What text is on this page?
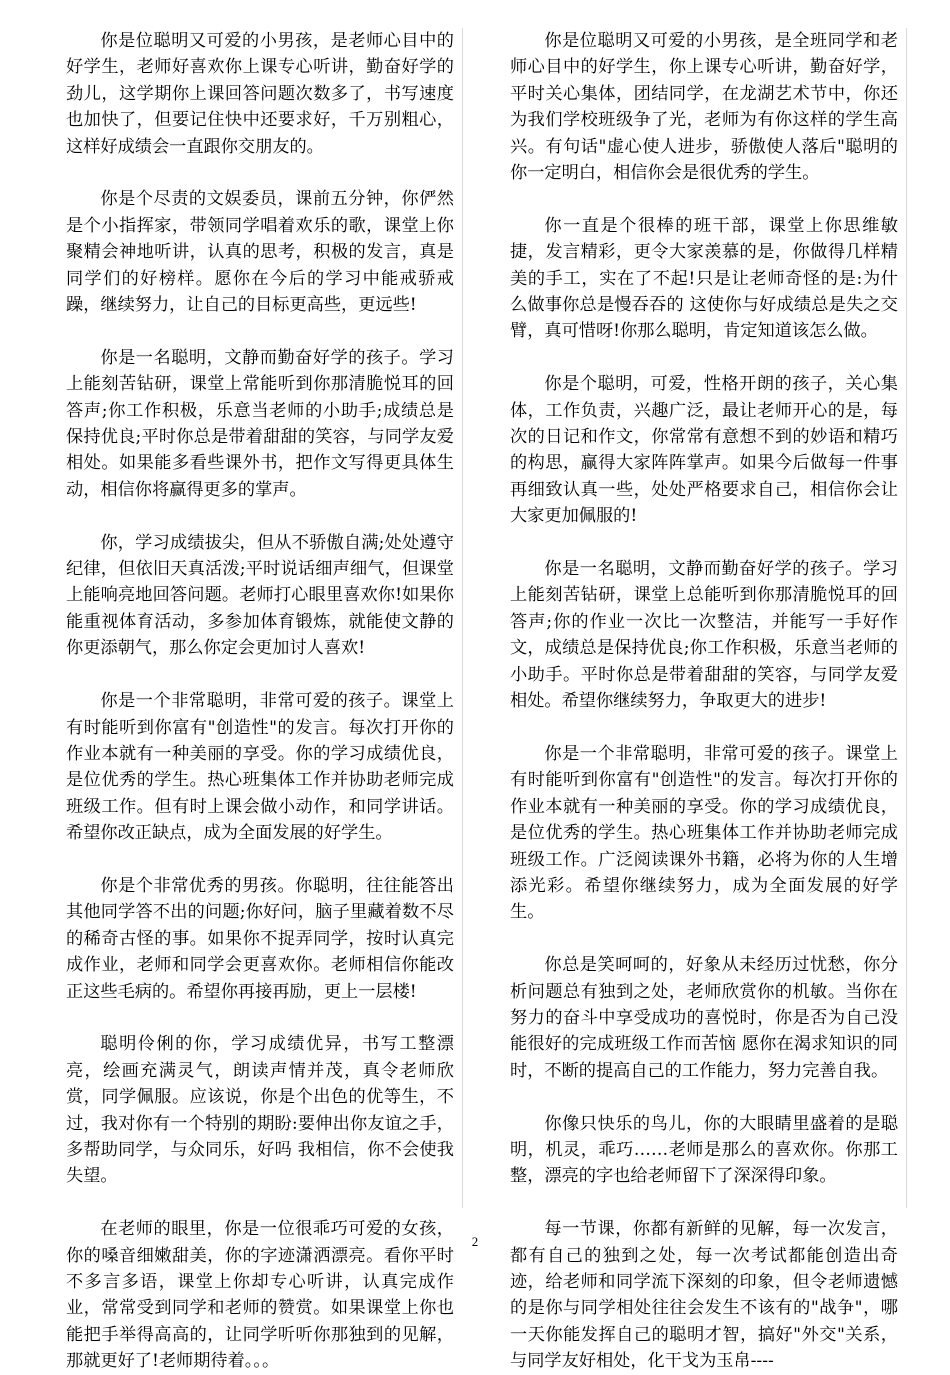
你是位聪明又可爱的小男孩，是老师心目中的好学生，老师好喜欢你上课专心听讲，勤奋好学的劲儿，这学期你上课回答问题次数多了，书写速度也加快了，但要记住快中还要求好，千万别粗心，这样好成绩会一直跟你交朋友的。

你是个尽责的文娱委员，课前五分钟，你俨然是个小指挥家，带领同学唱着欢乐的歌，课堂上你聚精会神地听讲，认真的思考，积极的发言，真是同学们的好榜样。愿你在今后的学习中能戒骄戒躁，继续努力，让自己的目标更高些，更远些!

你是一名聪明，文静而勤奋好学的孩子。学习上能刻苦钻研，课堂上常能听到你那清脆悦耳的回答声;你工作积极，乐意当老师的小助手;成绩总是保持优良;平时你总是带着甜甜的笑容，与同学友爱相处。如果能多看些课外书，把作文写得更具体生动，相信你将赢得更多的掌声。

你，学习成绩拔尖，但从不骄傲自满;处处遵守纪律，但依旧天真活泼;平时说话细声细气，但课堂上能响亮地回答问题。老师打心眼里喜欢你!如果你能重视体育活动，多参加体育锻炼，就能使文静的你更添朝气，那么你定会更加讨人喜欢!

你是一个非常聪明，非常可爱的孩子。课堂上有时能听到你富有"创造性"的发言。每次打开你的作业本就有一种美丽的享受。你的学习成绩优良，是位优秀的学生。热心班集体工作并协助老师完成班级工作。但有时上课会做小动作，和同学讲话。希望你改正缺点，成为全面发展的好学生。

你是个非常优秀的男孩。你聪明，往往能答出其他同学答不出的问题;你好问，脑子里藏着数不尽的稀奇古怪的事。如果你不捉弄同学，按时认真完成作业，老师和同学会更喜欢你。老师相信你能改正这些毛病的。希望你再接再励，更上一层楼!

聪明伶俐的你，学习成绩优异，书写工整漂亮，绘画充满灵气，朗读声情并茂，真令老师欣赏，同学佩服。应该说，你是个出色的优等生，不过，我对你有一个特别的期盼:要伸出你友谊之手，多帮助同学，与众同乐，好吗 我相信，你不会使我失望。

在老师的眼里，你是一位很乖巧可爱的女孩，你的嗓音细嫩甜美，你的字迹潇洒漂亮。看你平时不多言多语，课堂上你却专心听讲，认真完成作业，常常受到同学和老师的赞赏。如果课堂上你也能把手举得高高的，让同学听听你那独到的见解，那就更好了!老师期待着。。。

你是位聪明又可爱的小男孩，是全班同学和老师心目中的好学生，你上课专心听讲，勤奋好学，平时关心集体，团结同学，在龙湖艺术节中，你还为我们学校班级争了光，老师为有你这样的学生高兴。有句话"虚心使人进步，骄傲使人落后"聪明的你一定明白，相信你会是很优秀的学生。

你一直是个很棒的班干部，课堂上你思维敏捷，发言精彩，更令大家羡慕的是，你做得几样精美的手工，实在了不起!只是让老师奇怪的是:为什么做事你总是慢吞吞的 这使你与好成绩总是失之交臂，真可惜呀!你那么聪明，肯定知道该怎么做。

你是个聪明，可爱，性格开朗的孩子，关心集体，工作负责，兴趣广泛，最让老师开心的是，每次的日记和作文，你常常有意想不到的妙语和精巧的构思，赢得大家阵阵掌声。如果今后做每一件事再细致认真一些，处处严格要求自己，相信你会让大家更加佩服的!

你是一名聪明，文静而勤奋好学的孩子。学习上能刻苦钻研，课堂上总能听到你那清脆悦耳的回答声;你的作业一次比一次整洁，并能写一手好作文，成绩总是保持优良;你工作积极，乐意当老师的小助手。平时你总是带着甜甜的笑容，与同学友爱相处。希望你继续努力，争取更大的进步!

你是一个非常聪明，非常可爱的孩子。课堂上有时能听到你富有"创造性"的发言。每次打开你的作业本就有一种美丽的享受。你的学习成绩优良，是位优秀的学生。热心班集体工作并协助老师完成班级工作。广泛阅读课外书籍，必将为你的人生增添光彩。希望你继续努力，成为全面发展的好学生。

你总是笑呵呵的，好象从未经历过忧愁，你分析问题总有独到之处，老师欣赏你的机敏。当你在努力的奋斗中享受成功的喜悦时，你是否为自己没能很好的完成班级工作而苦恼 愿你在渴求知识的同时，不断的提高自己的工作能力，努力完善自我。

你像只快乐的鸟儿，你的大眼睛里盛着的是聪明，机灵，乖巧……老师是那么的喜欢你。你那工整，漂亮的字也给老师留下了深深得印象。

每一节课，你都有新鲜的见解，每一次发言，都有自己的独到之处，每一次考试都能创造出奇迹，给老师和同学流下深刻的印象，但令老师遗憾的是你与同学相处往往会发生不该有的"战争"，哪一天你能发挥自己的聪明才智，搞好"外交"关系，与同学友好相处，化干戈为玉帛----

2
